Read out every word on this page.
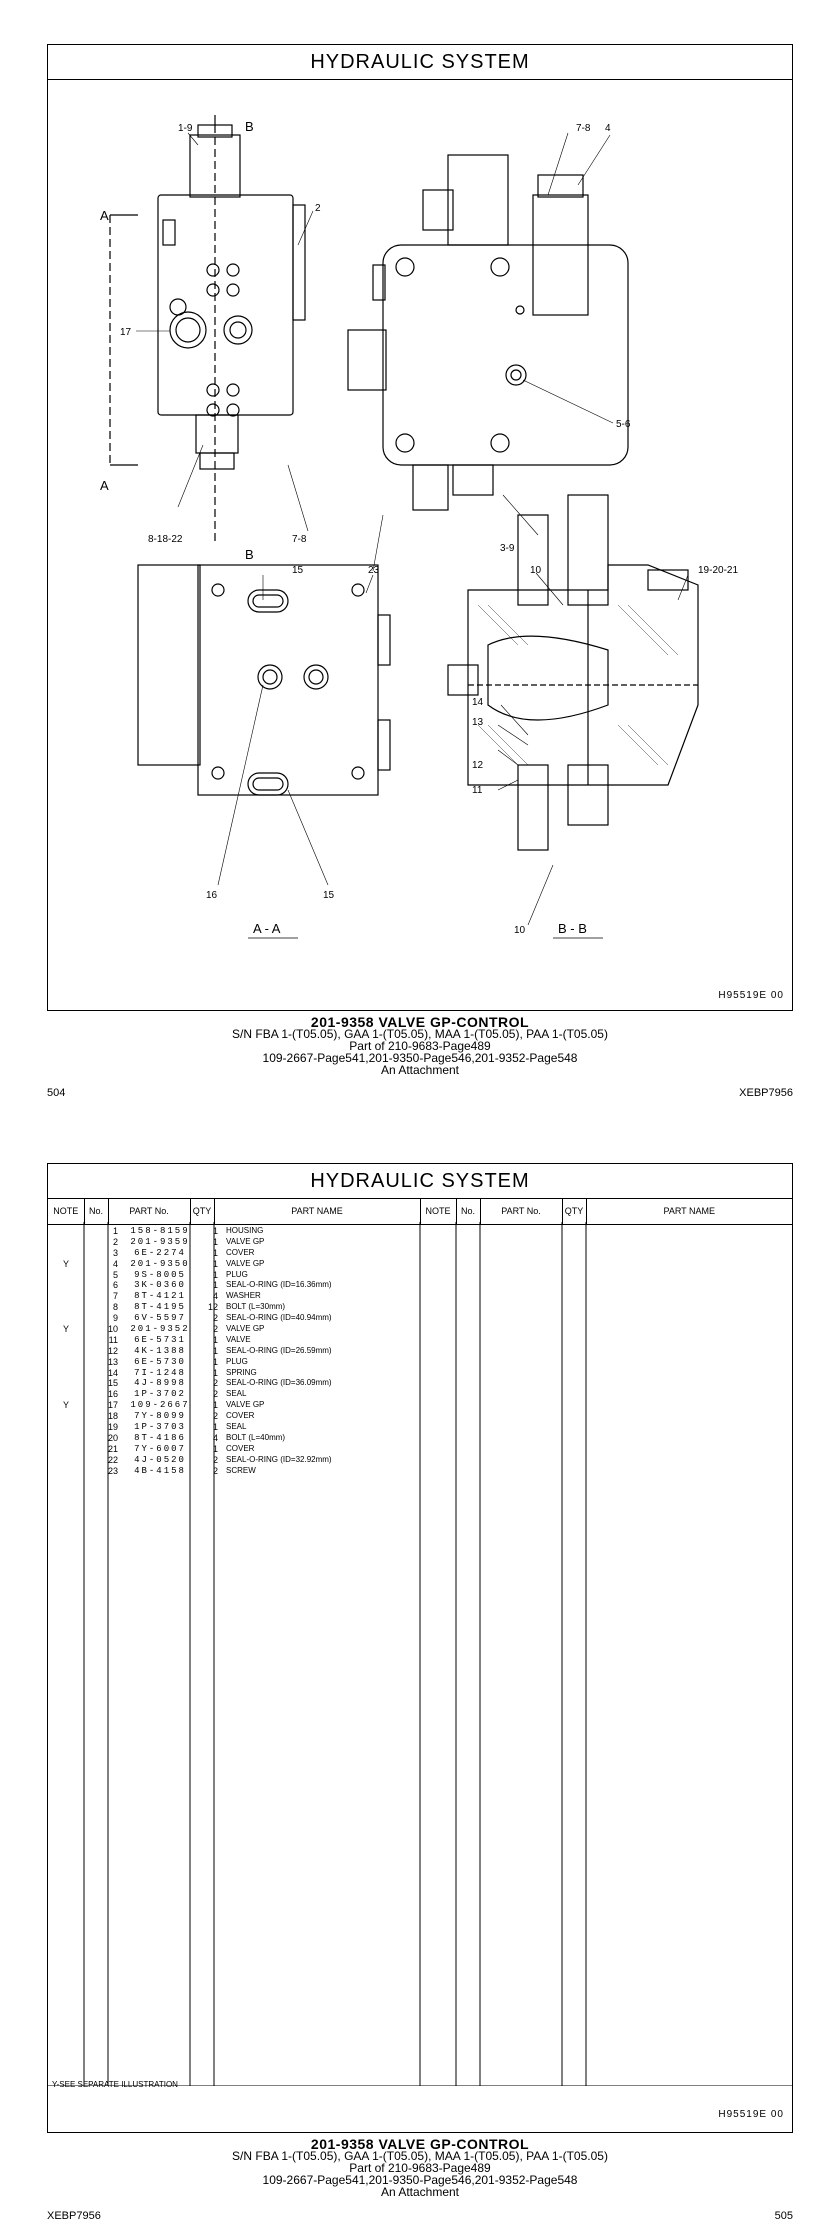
HYDRAULIC SYSTEM
1-9	B	7-8 4
A	2
17
5-6
A
8-18-22	7-8
B	3-9
15	23	10	19-20-21
14
13
12
11
16	15
10
A - A	B - B
H95519E 00
201-9358 VALVE GP-CONTROL
S/N FBA 1-(T05.05), GAA 1-(T05.05), MAA 1-(T05.05), PAA 1-(T05.05)
Part of 210-9683-Page489
109-2667-Page541,201-9350-Page546,201-9352-Page548
An Attachment
504	XEBP7956
HYDRAULIC SYSTEM
NOTE	No.	PART No.	QTY	PART NAME	NOTE	No.	PART No.	QTY	PART NAME
1	158-8159	1 HOUSING
2	201-9359	1 VALVE GP
3	6E-2274	1 COVER
Y	4	201-9350	1 VALVE GP
5	9S-8005	1 PLUG
6	3K-0360	1 SEAL-O-RING (ID=16.36mm)
7	8T-4121	4 WASHER
8	8T-4195	12 BOLT (L=30mm)
9	6V-5597	2 SEAL-O-RING (ID=40.94mm)
Y	10	201-9352	2 VALVE GP
11	6E-5731	1 VALVE
12	4K-1388	1 SEAL-O-RING (ID=26.59mm)
13	6E-5730	1 PLUG
14	7I-1248	1 SPRING
15	4J-8998	2 SEAL-O-RING (ID=36.09mm)
16	1P-3702	2 SEAL
Y	17	109-2667	1 VALVE GP
18	7Y-8099	2 COVER
19	1P-3703	1 SEAL
20	8T-4186	4 BOLT (L=40mm)
21	7Y-6007	1 COVER
22	4J-0520	2 SEAL-O-RING (ID=32.92mm)
23	4B-4158	2 SCREW
Y-SEE SEPARATE ILLUSTRATION
H95519E 00
201-9358 VALVE GP-CONTROL
S/N FBA 1-(T05.05), GAA 1-(T05.05), MAA 1-(T05.05), PAA 1-(T05.05)
Part of 210-9683-Page489
109-2667-Page541,201-9350-Page546,201-9352-Page548
An Attachment
XEBP7956	505
